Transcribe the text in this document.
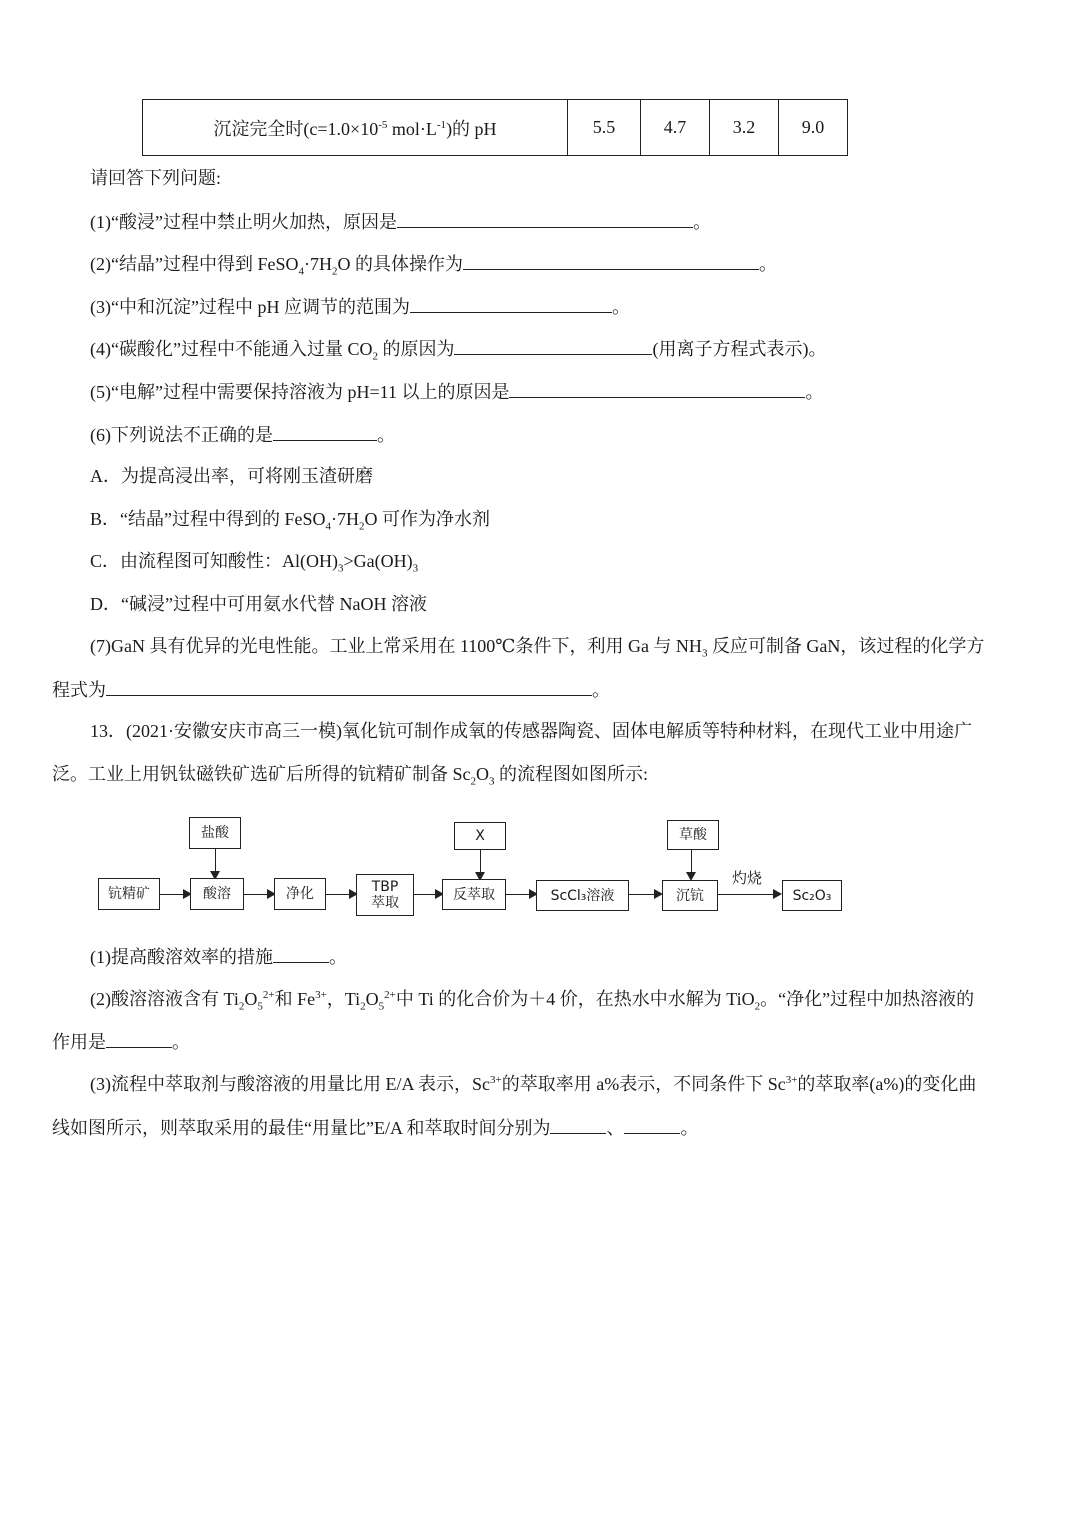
沉淀完全时($c=1.0\times 10^{-5}$ $mol\cdot L^{-1}$)的 pH	5.5	4.7	3.2	9.0
请回答下列问题:
(1)“酸浸”过程中禁止明火加热，原因是	。
(2)“结晶”过程中得到 $FeSO_4\cdot 7H_2O$ 的具体操作为	。
(3)“中和沉淀”过程中 pH 应调节的范围为	。
(4)“碳酸化”过程中不能通入过量 $CO_2$ 的原因为	(用离子方程式表示)。
(5)“电解”过程中需要保持溶液为 pH=11 以上的原因是	。
(6)下列说法不正确的是	。
A．为提高浸出率，可将刚玉渣研磨
B．“结晶”过程中得到的 $FeSO_4\cdot 7H_2O$ 可作为净水剂
C．由流程图可知酸性：$Al(OH)_3>Ga(OH)_3$
D．“碱浸”过程中可用氨水代替 NaOH 溶液
(7)GaN 具有优异的光电性能。工业上常采用在 1100℃条件下，利用 Ga 与 $NH_3$ 反应可制备 GaN，该过程的化学方
程式为	。
13．(2021·安徽安庆市高三一模)氧化钪可制作成氧的传感器陶瓷、固体电解质等特种材料，在现代工业中用途广
泛。工业上用钒钛磁铁矿选矿后所得的钪精矿制备 $Sc_2O_3$ 的流程图如图所示:
钪精矿
盐酸
酸溶	净化	TBP
萃取
X
反萃取	ScCl₃溶液
草酸
沉钪
灼烧
Sc₂O₃
(1)提高酸溶效率的措施	。
(2)酸溶溶液含有 $Ti_2O_5^{2+}$和 $Fe^{3+}$，$Ti_2O_5^{2+}$中 Ti 的化合价为＋4 价，在热水中水解为 TiO$_2$。“净化”过程中加热溶液的
作用是	。
(3)流程中萃取剂与酸溶液的用量比用 E/A 表示，$Sc^{3+}$的萃取率用 a%表示，不同条件下 $Sc^{3+}$的萃取率(a%)的变化曲
线如图所示，则萃取采用的最佳“用量比”E/A 和萃取时间分别为	、	。
